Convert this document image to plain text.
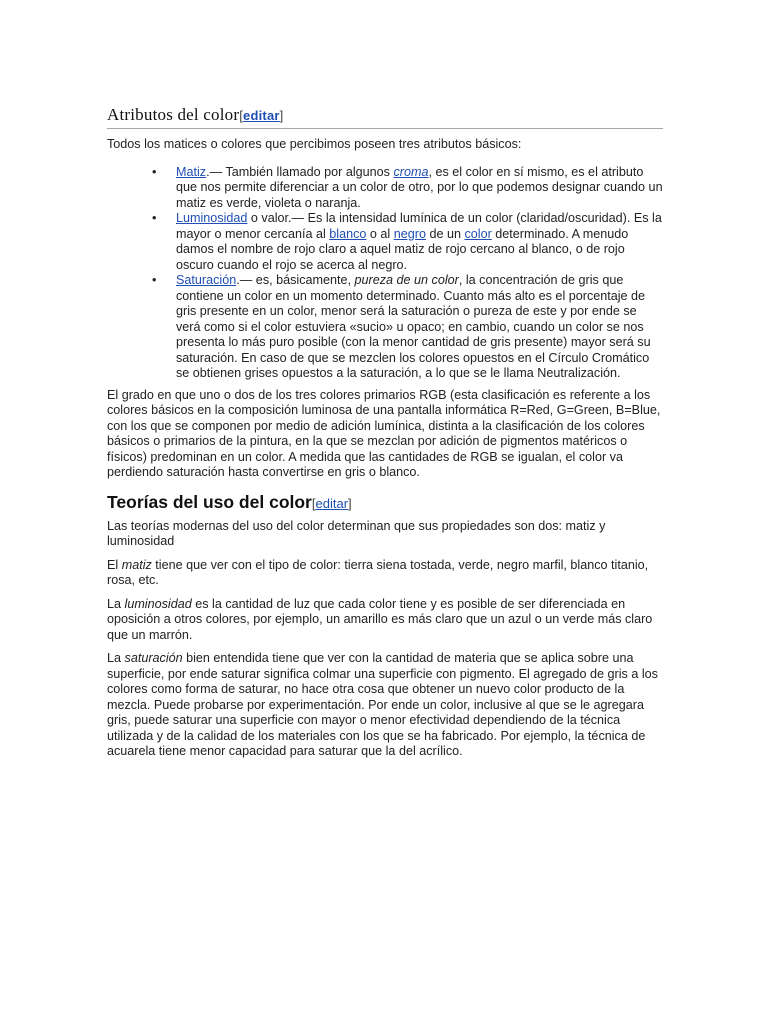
Atributos del color[editar]

Todos los matices o colores que percibimos poseen tres atributos básicos:

• Matiz.— También llamado por algunos croma, es el color en sí mismo, es el atributo que nos permite diferenciar a un color de otro, por lo que podemos designar cuando un matiz es verde, violeta o naranja.
• Luminosidad o valor.— Es la intensidad lumínica de un color (claridad/oscuridad). Es la mayor o menor cercanía al blanco o al negro de un color determinado. A menudo damos el nombre de rojo claro a aquel matiz de rojo cercano al blanco, o de rojo oscuro cuando el rojo se acerca al negro.
• Saturación.— es, básicamente, pureza de un color, la concentración de gris que contiene un color en un momento determinado. Cuanto más alto es el porcentaje de gris presente en un color, menor será la saturación o pureza de este y por ende se verá como si el color estuviera «sucio» u opaco; en cambio, cuando un color se nos presenta lo más puro posible (con la menor cantidad de gris presente) mayor será su saturación. En caso de que se mezclen los colores opuestos en el Círculo Cromático se obtienen grises opuestos a la saturación, a lo que se le llama Neutralización.

El grado en que uno o dos de los tres colores primarios RGB (esta clasificación es referente a los colores básicos en la composición luminosa de una pantalla informática R=Red, G=Green, B=Blue, con los que se componen por medio de adición lumínica, distinta a la clasificación de los colores básicos o primarios de la pintura, en la que se mezclan por adición de pigmentos matéricos o físicos) predominan en un color. A medida que las cantidades de RGB se igualan, el color va perdiendo saturación hasta convertirse en gris o blanco.

Teorías del uso del color[editar]

Las teorías modernas del uso del color determinan que sus propiedades son dos: matiz y luminosidad

El matiz tiene que ver con el tipo de color: tierra siena tostada, verde, negro marfil, blanco titanio, rosa, etc.

La luminosidad es la cantidad de luz que cada color tiene y es posible de ser diferenciada en oposición a otros colores, por ejemplo, un amarillo es más claro que un azul o un verde más claro que un marrón.

La saturación bien entendida tiene que ver con la cantidad de materia que se aplica sobre una superficie, por ende saturar significa colmar una superficie con pigmento. El agregado de gris a los colores como forma de saturar, no hace otra cosa que obtener un nuevo color producto de la mezcla. Puede probarse por experimentación. Por ende un color, inclusive al que se le agregara gris, puede saturar una superficie con mayor o menor efectividad dependiendo de la técnica utilizada y de la calidad de los materiales con los que se ha fabricado. Por ejemplo, la técnica de acuarela tiene menor capacidad para saturar que la del acrílico.
